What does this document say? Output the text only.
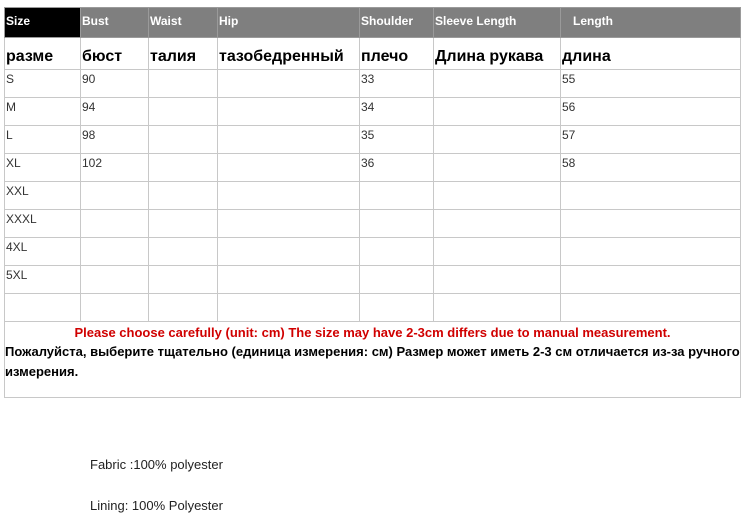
Size	Bust	Waist	Hip	Shoulder	Sleeve Length	Length
разме	бюст	талия	тазобедренный	плечо	Длина рукава	длина
S	90			33		55
M	94			34		56
L	98			35		57
XL	102			36		58
XXL						
XXXL						
4XL						
5XL						

Please choose carefully (unit: cm) The size may have 2-3cm differs due to manual measurement.
Пожалуйста, выберите тщательно (единица измерения: см) Размер может иметь 2-3 см отличается из-за ручного измерения.						
Fabric :100% polyester
Lining: 100% Polyester
